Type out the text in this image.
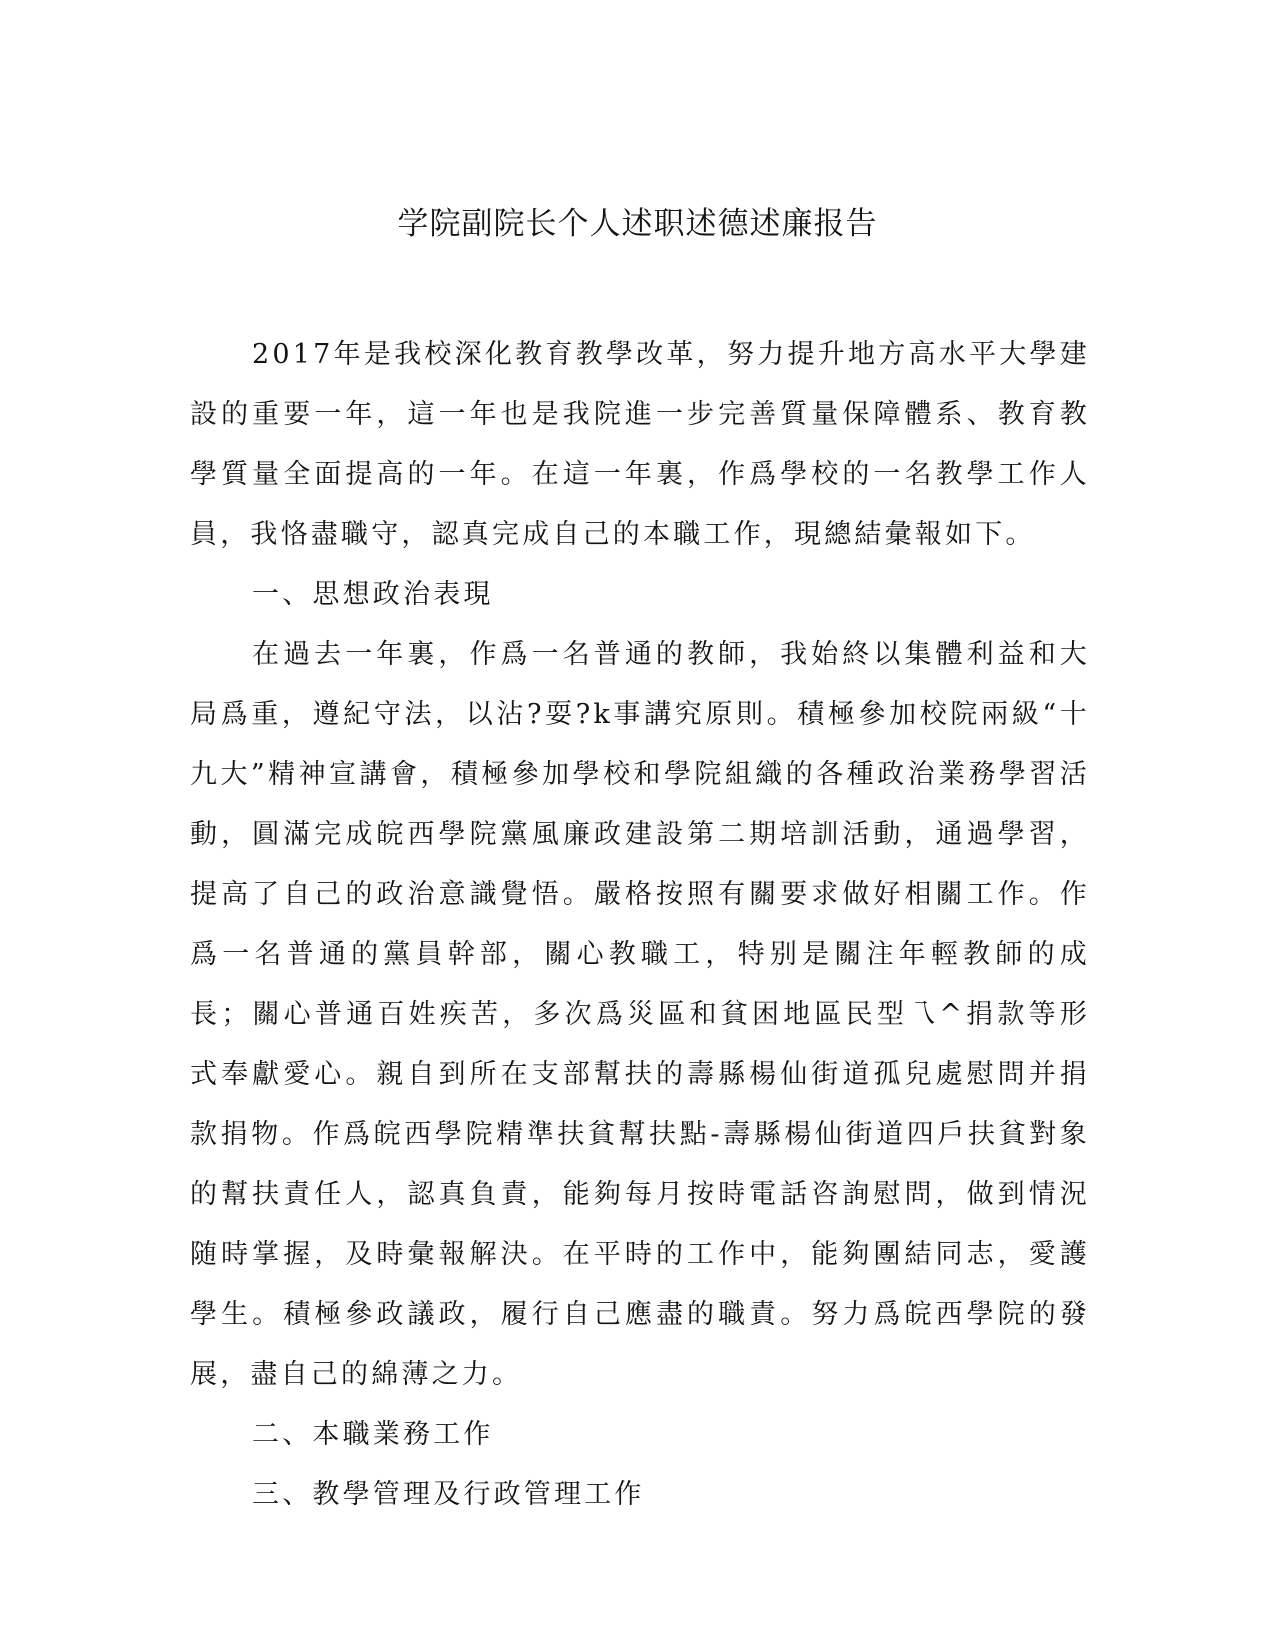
学院副院长个人述职述德述廉报告

2017年是我校深化教育教學改革，努力提升地方高水平大學建設的重要一年，這一年也是我院進一步完善質量保障體系、教育教學質量全面提高的一年。在這一年裏，作爲學校的一名教學工作人員，我恪盡職守，認真完成自己的本職工作，現總結彙報如下。

一、思想政治表現

在過去一年裏，作爲一名普通的教師，我始終以集體利益和大局爲重，遵紀守法，以沾?耍?k事講究原則。積極參加校院兩級“十九大”精神宣講會，積極參加學校和學院組織的各種政治業務學習活動，圓滿完成皖西學院黨風廉政建設第二期培訓活動，通過學習，提高了自己的政治意識覺悟。嚴格按照有關要求做好相關工作。作爲一名普通的黨員幹部，關心教職工，特别是關注年輕教師的成長；關心普通百姓疾苦，多次爲災區和貧困地區民型乁^捐款等形式奉獻愛心。親自到所在支部幫扶的壽縣楊仙街道孤兒處慰問并捐款捐物。作爲皖西學院精準扶貧幫扶點-壽縣楊仙街道四戶扶貧對象的幫扶責任人，認真負責，能夠每月按時電話咨詢慰問，做到情況随時掌握，及時彙報解決。在平時的工作中，能夠團結同志，愛護學生。積極參政議政，履行自己應盡的職責。努力爲皖西學院的發展，盡自己的綿薄之力。

二、本職業務工作

三、教學管理及行政管理工作
